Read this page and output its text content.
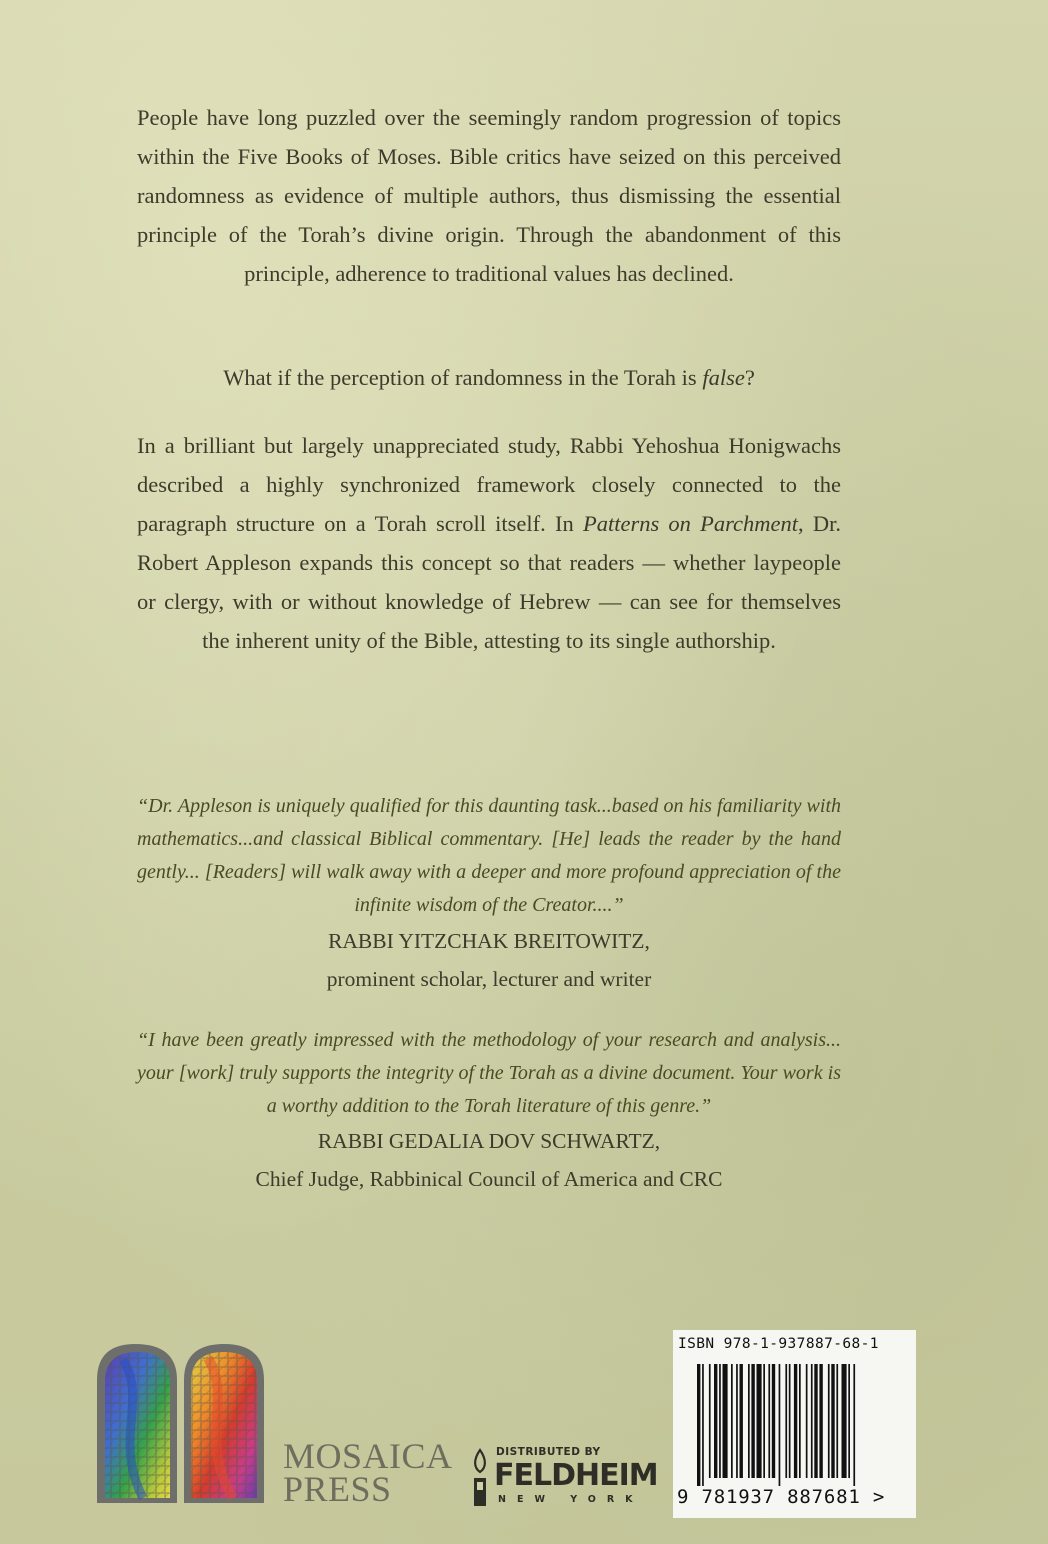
People have long puzzled over the seemingly random progression of topics within the Five Books of Moses. Bible critics have seized on this perceived randomness as evidence of multiple authors, thus dismissing the essential principle of the Torah’s divine origin. Through the abandonment of this principle, adherence to traditional values has declined.

What if the perception of randomness in the Torah is false?

In a brilliant but largely unappreciated study, Rabbi Yehoshua Honigwachs described a highly synchronized framework closely connected to the paragraph structure on a Torah scroll itself. In Patterns on Parchment, Dr. Robert Appleson expands this concept so that readers — whether laypeople or clergy, with or without knowledge of Hebrew — can see for themselves the inherent unity of the Bible, attesting to its single authorship.

“Dr. Appleson is uniquely qualified for this daunting task...based on his familiarity with mathematics...and classical Biblical commentary. [He] leads the reader by the hand gently... [Readers] will walk away with a deeper and more profound appreciation of the infinite wisdom of the Creator....”

RABBI YITZCHAK BREITOWITZ,

prominent scholar, lecturer and writer

“I have been greatly impressed with the methodology of your research and analysis... your [work] truly supports the integrity of the Torah as a divine document. Your work is a worthy addition to the Torah literature of this genre.”

RABBI GEDALIA DOV SCHWARTZ,

Chief Judge, Rabbinical Council of America and CRC

MOSAICA
PRESS
DISTRIBUTED BY
FELDHEIM
NEW YORK
ISBN 978-1-937887-68-1
9 781937 887681 >
